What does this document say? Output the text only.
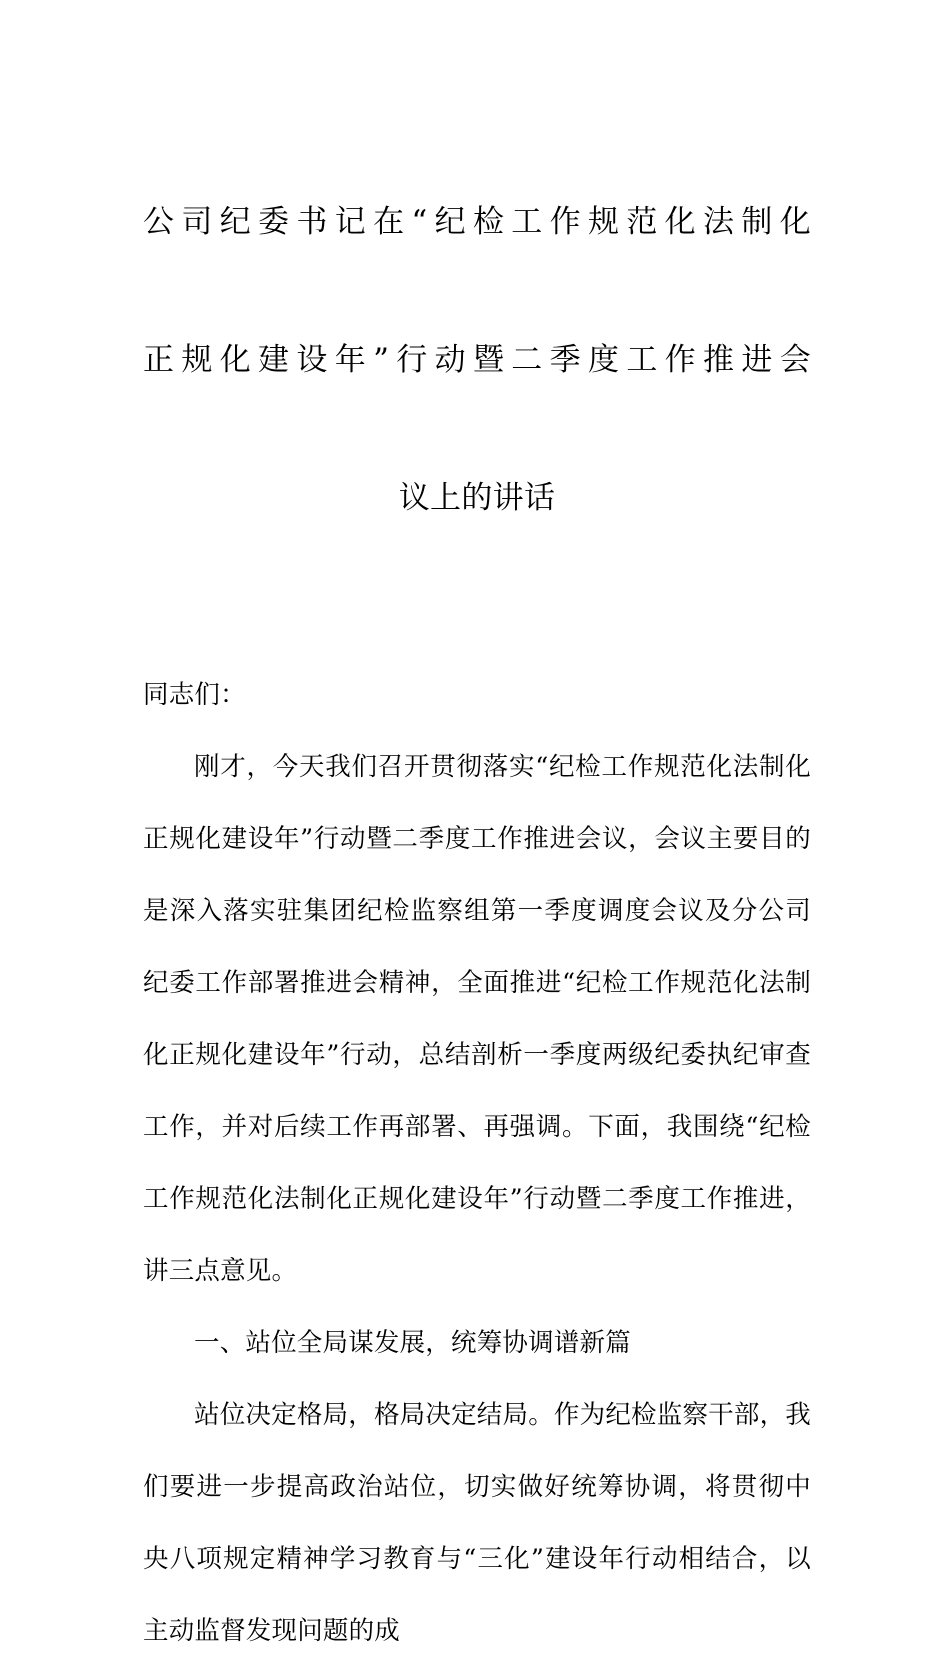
公司纪委书记在“纪检工作规范化法制化

正规化建设年”行动暨二季度工作推进会

议上的讲话

同志们：

刚才，今天我们召开贯彻落实“纪检工作规范化法制化正规化建设年”行动暨二季度工作推进会议，会议主要目的是深入落实驻集团纪检监察组第一季度调度会议及分公司纪委工作部署推进会精神，全面推进“纪检工作规范化法制化正规化建设年”行动，总结剖析一季度两级纪委执纪审查工作，并对后续工作再部署、再强调。下面，我围绕“纪检工作规范化法制化正规化建设年”行动暨二季度工作推进，讲三点意见。

一、站位全局谋发展，统筹协调谱新篇

站位决定格局，格局决定结局。作为纪检监察干部，我们要进一步提高政治站位，切实做好统筹协调，将贯彻中央八项规定精神学习教育与“三化”建设年行动相结合，以主动监督发现问题的成
